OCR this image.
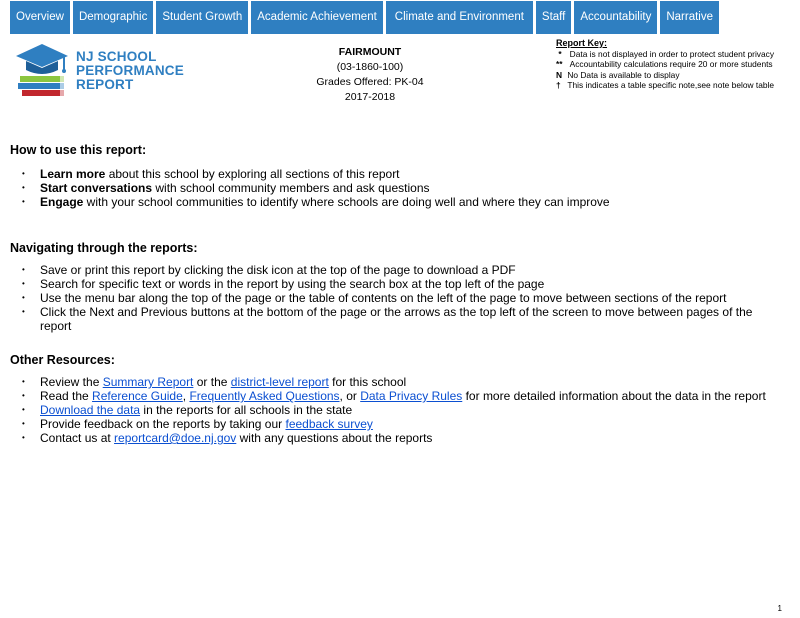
Overview	Demographic	Student Growth	Academic Achievement	Climate and Environment	Staff	Accountability	Narrative
NJ SCHOOL
PERFORMANCE
REPORT
FAIRMOUNT
(03-1860-100)
Grades Offered: PK-04
2017-2018
Report Key:
* Data is not displayed in order to protect student privacy
** Accountability calculations require 20 or more students
N No Data is available to display
† This indicates a table specific note,see note below table
How to use this report:
• Learn more about this school by exploring all sections of this report
• Start conversations with school community members and ask questions
• Engage with your school communities to identify where schools are doing well and where they can improve
Navigating through the reports:
• Save or print this report by clicking the disk icon at the top of the page to download a PDF
• Search for specific text or words in the report by using the search box at the top left of the page
• Use the menu bar along the top of the page or the table of contents on the left of the page to move between sections of the report
• Click the Next and Previous buttons at the bottom of the page or the arrows as the top left of the screen to move between pages of the report
Other Resources:
• Review the Summary Report or the district-level report for this school
• Read the Reference Guide, Frequently Asked Questions, or Data Privacy Rules for more detailed information about the data in the report
• Download the data in the reports for all schools in the state
• Provide feedback on the reports by taking our feedback survey
• Contact us at reportcard@doe.nj.gov with any questions about the reports
1
